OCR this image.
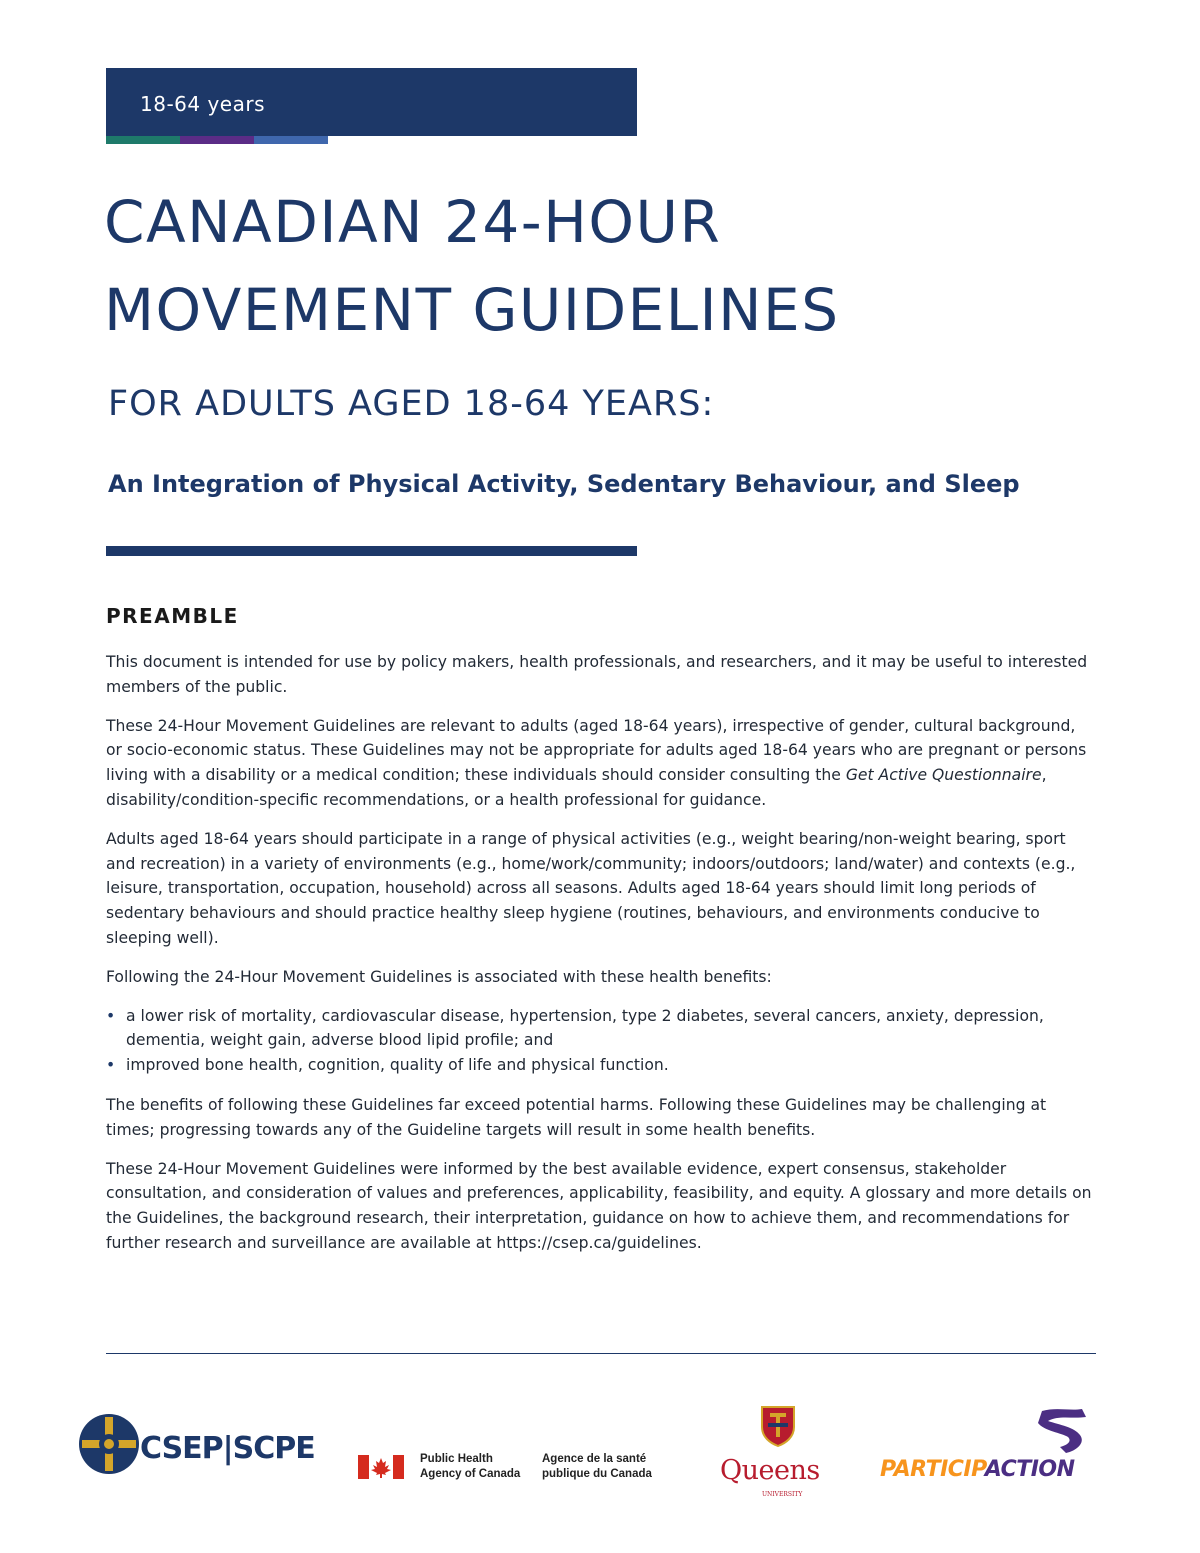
18-64 years
CANADIAN 24-HOUR
MOVEMENT GUIDELINES
FOR ADULTS AGED 18-64 YEARS:
An Integration of Physical Activity, Sedentary Behaviour, and Sleep
PREAMBLE

This document is intended for use by policy makers, health professionals, and researchers, and it may be useful to interested members of the public.

These 24-Hour Movement Guidelines are relevant to adults (aged 18-64 years), irrespective of gender, cultural background, or socio-economic status. These Guidelines may not be appropriate for adults aged 18-64 years who are pregnant or persons living with a disability or a medical condition; these individuals should consider consulting the Get Active Questionnaire, disability/condition-specific recommendations, or a health professional for guidance.

Adults aged 18-64 years should participate in a range of physical activities (e.g., weight bearing/non-weight bearing, sport and recreation) in a variety of environments (e.g., home/work/community; indoors/outdoors; land/water) and contexts (e.g., leisure, transportation, occupation, household) across all seasons. Adults aged 18-64 years should limit long periods of sedentary behaviours and should practice healthy sleep hygiene (routines, behaviours, and environments conducive to sleeping well).

Following the 24-Hour Movement Guidelines is associated with these health benefits:

• a lower risk of mortality, cardiovascular disease, hypertension, type 2 diabetes, several cancers, anxiety, depression, dementia, weight gain, adverse blood lipid profile; and
• improved bone health, cognition, quality of life and physical function.

The benefits of following these Guidelines far exceed potential harms. Following these Guidelines may be challenging at times; progressing towards any of the Guideline targets will result in some health benefits.

These 24-Hour Movement Guidelines were informed by the best available evidence, expert consensus, stakeholder consultation, and consideration of values and preferences, applicability, feasibility, and equity. A glossary and more details on the Guidelines, the background research, their interpretation, guidance on how to achieve them, and recommendations for further research and surveillance are available at https://csep.ca/guidelines.

CSEP|SCPE	Public Health
Agency of Canada
Agence de la santé
publique du Canada	Queens
UNIVERSITY
PARTICIPACTION
